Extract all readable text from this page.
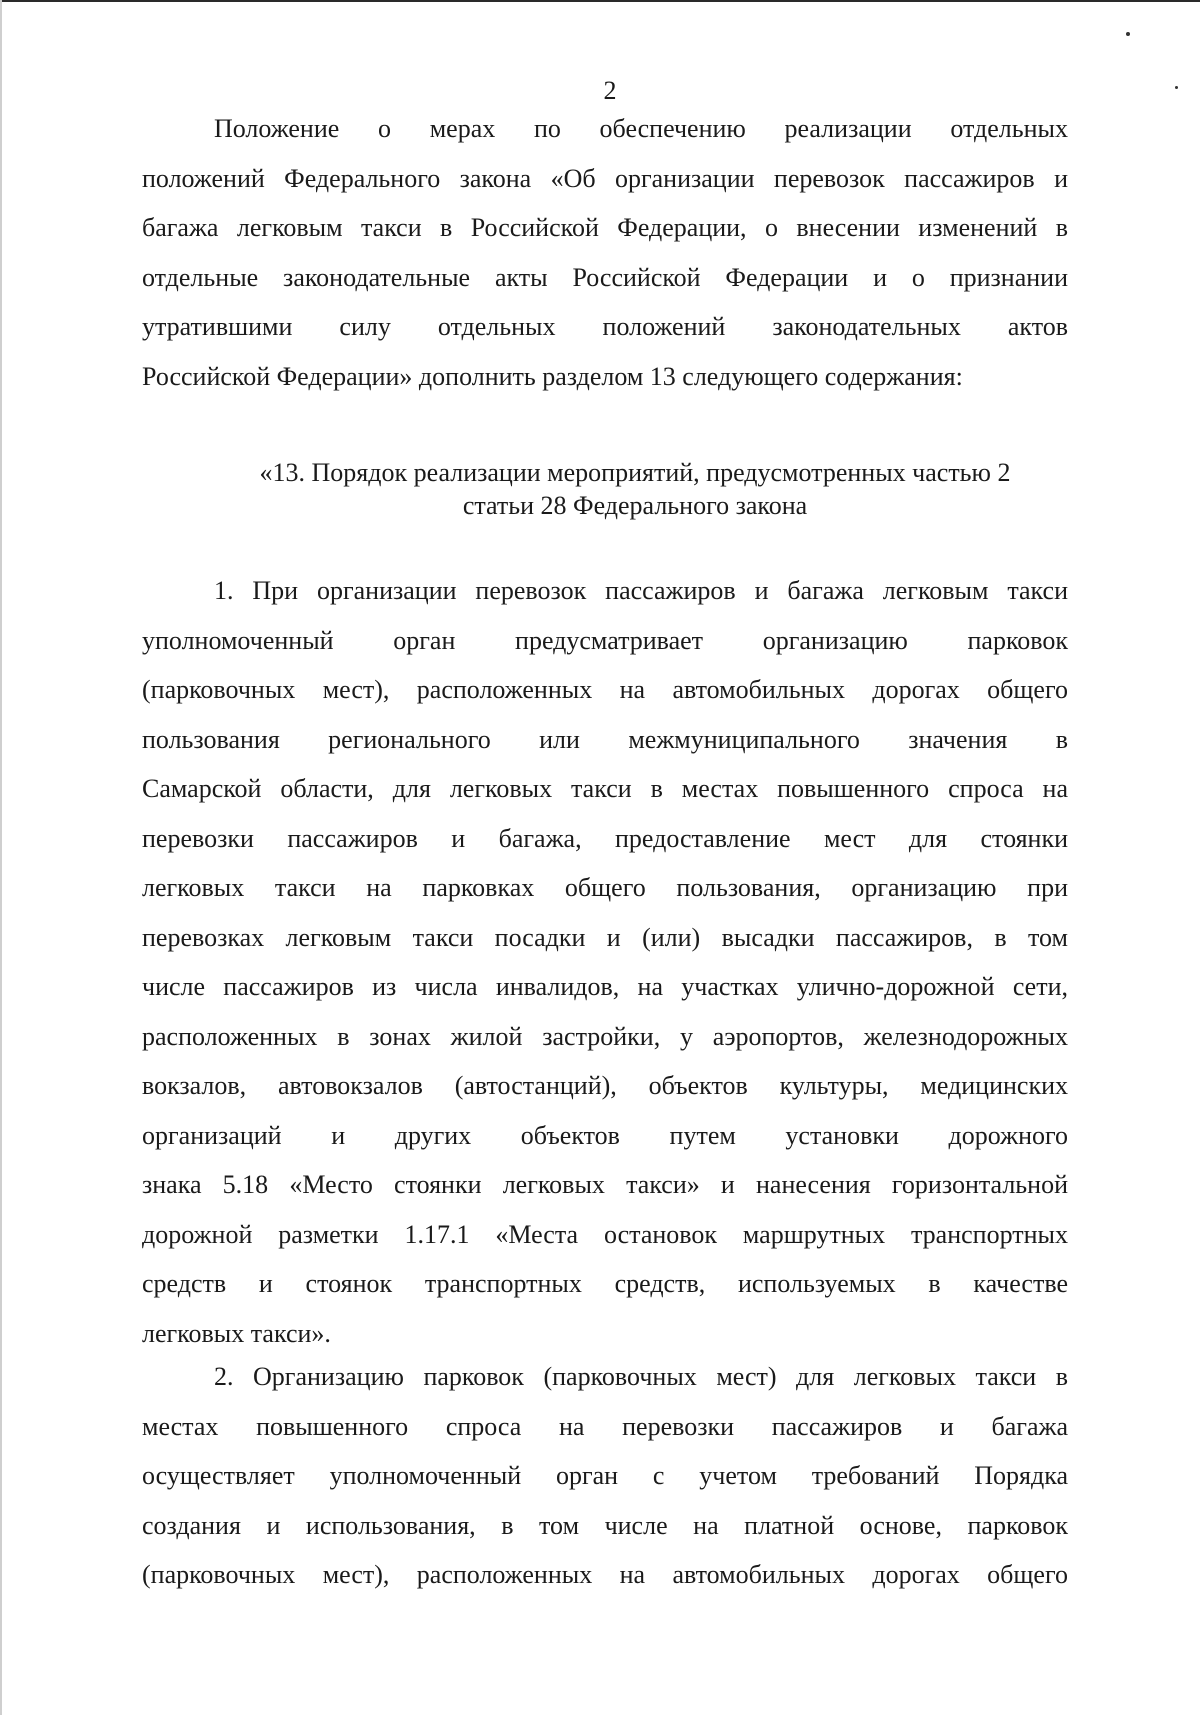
2
Положение о мерах по обеспечению реализации отдельных
положений Федерального закона «Об организации перевозок пассажиров и
багажа легковым такси в Российской Федерации, о внесении изменений в
отдельные законодательные акты Российской Федерации и о признании
утратившими силу отдельных положений законодательных актов
Российской Федерации» дополнить разделом 13 следующего содержания:
«13. Порядок реализации мероприятий, предусмотренных частью 2
статьи 28 Федерального закона
1. При организации перевозок пассажиров и багажа легковым такси
уполномоченный орган предусматривает организацию парковок
(парковочных мест), расположенных на автомобильных дорогах общего
пользования регионального или межмуниципального значения в
Самарской области, для легковых такси в местах повышенного спроса на
перевозки пассажиров и багажа, предоставление мест для стоянки
легковых такси на парковках общего пользования, организацию при
перевозках легковым такси посадки и (или) высадки пассажиров, в том
числе пассажиров из числа инвалидов, на участках улично-дорожной сети,
расположенных в зонах жилой застройки, у аэропортов, железнодорожных
вокзалов, автовокзалов (автостанций), объектов культуры, медицинских
организаций и других объектов путем установки дорожного
знака 5.18 «Место стоянки легковых такси» и нанесения горизонтальной
дорожной разметки 1.17.1 «Места остановок маршрутных транспортных
средств и стоянок транспортных средств, используемых в качестве
легковых такси».
2. Организацию парковок (парковочных мест) для легковых такси в
местах повышенного спроса на перевозки пассажиров и багажа
осуществляет уполномоченный орган с учетом требований Порядка
создания и использования, в том числе на платной основе, парковок
(парковочных мест), расположенных на автомобильных дорогах общего
